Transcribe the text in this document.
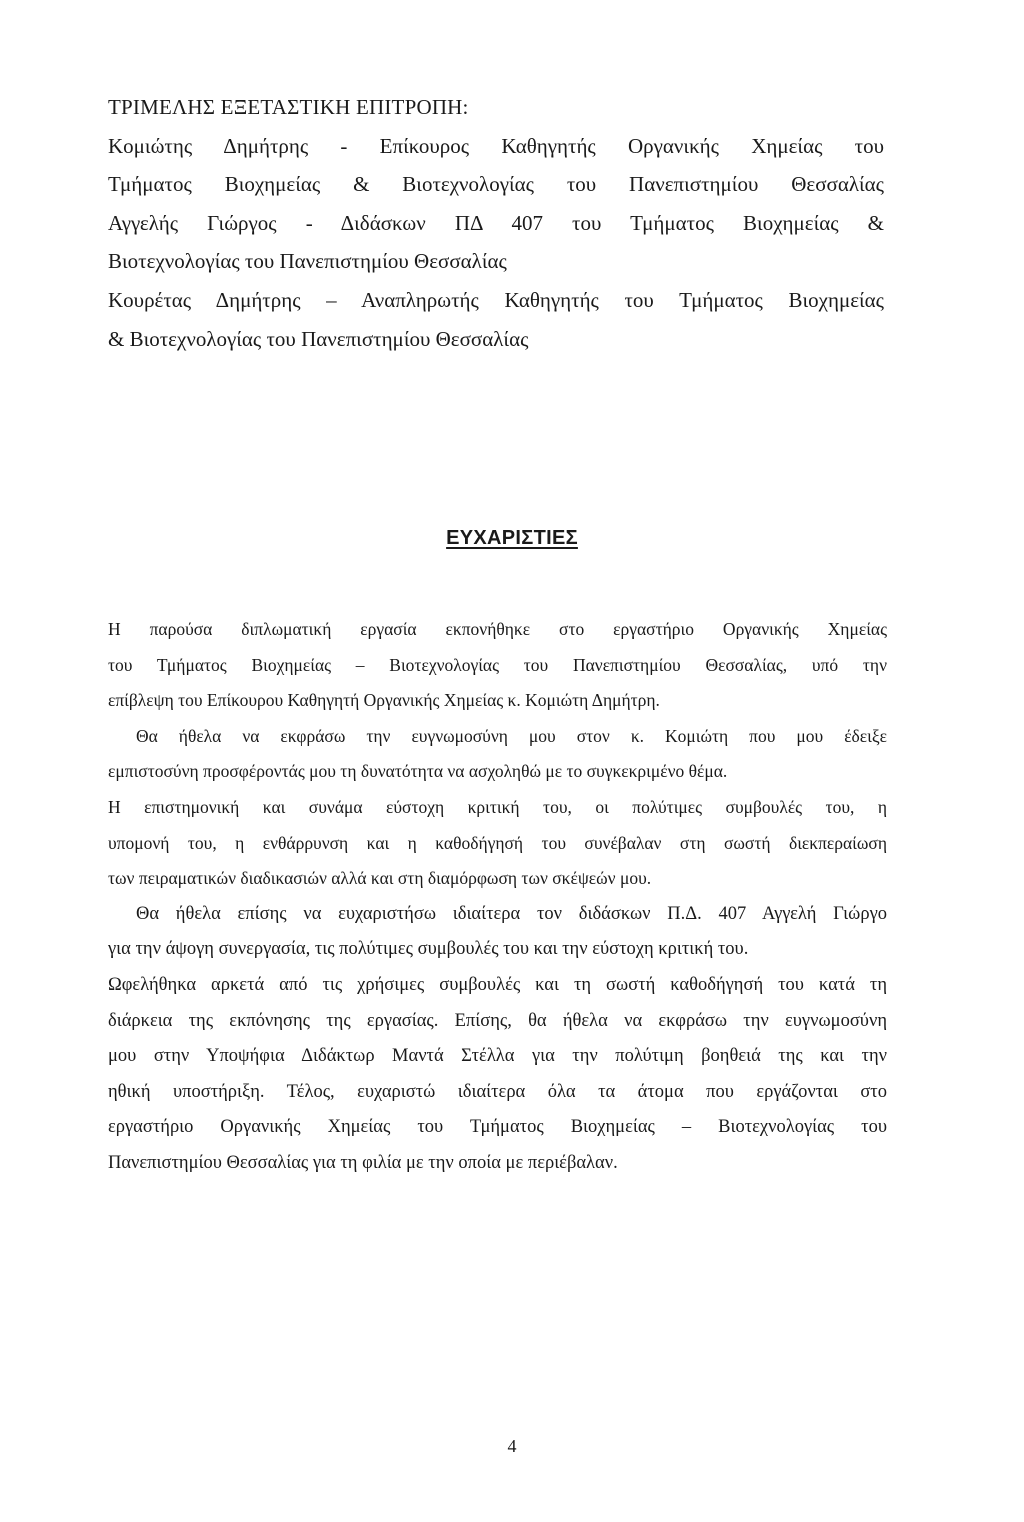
ΤΡΙΜΕΛΗΣ ΕΞΕΤΑΣΤΙΚΗ ΕΠΙΤΡΟΠΗ:
Κομιώτης Δημήτρης - Επίκουρος Καθηγητής Οργανικής Χημείας του
Τμήματος Βιοχημείας & Βιοτεχνολογίας του Πανεπιστημίου Θεσσαλίας
Αγγελής Γιώργος - Διδάσκων ΠΔ 407 του Τμήματος Βιοχημείας &
Βιοτεχνολογίας του Πανεπιστημίου Θεσσαλίας
Κουρέτας Δημήτρης – Αναπληρωτής Καθηγητής του Τμήματος Βιοχημείας
& Βιοτεχνολογίας του Πανεπιστημίου Θεσσαλίας
ΕΥΧΑΡΙΣΤΙΕΣ
Η παρούσα διπλωματική εργασία εκπονήθηκε στο εργαστήριο Οργανικής Χημείας
του Τμήματος Βιοχημείας – Βιοτεχνολογίας του Πανεπιστημίου Θεσσαλίας, υπό την
επίβλεψη του Επίκουρου Καθηγητή Οργανικής Χημείας κ. Κομιώτη Δημήτρη.
Θα ήθελα να εκφράσω την ευγνωμοσύνη μου στον κ. Κομιώτη που μου έδειξε
εμπιστοσύνη προσφέροντάς μου τη δυνατότητα να ασχοληθώ με το συγκεκριμένο θέμα.
Η επιστημονική και συνάμα εύστοχη κριτική του, οι πολύτιμες συμβουλές του, η
υπομονή του, η ενθάρρυνση και η καθοδήγησή του συνέβαλαν στη σωστή διεκπεραίωση
των πειραματικών διαδικασιών αλλά και στη διαμόρφωση των σκέψεών μου.
Θα ήθελα επίσης να ευχαριστήσω ιδιαίτερα τον διδάσκων Π.Δ. 407 Αγγελή Γιώργο
για την άψογη συνεργασία, τις πολύτιμες συμβουλές του και την εύστοχη κριτική του.
Ωφελήθηκα αρκετά από τις χρήσιμες συμβουλές και τη σωστή καθοδήγησή του κατά τη
διάρκεια της εκπόνησης της εργασίας. Επίσης, θα ήθελα να εκφράσω την ευγνωμοσύνη
μου στην Υποψήφια Διδάκτωρ Μαντά Στέλλα για την πολύτιμη βοηθειά της και την
ηθική υποστήριξη. Τέλος, ευχαριστώ ιδιαίτερα όλα τα άτομα που εργάζονται στο
εργαστήριο Οργανικής Χημείας του Τμήματος Βιοχημείας – Βιοτεχνολογίας του
Πανεπιστημίου Θεσσαλίας για τη φιλία με την οποία με περιέβαλαν.
4
